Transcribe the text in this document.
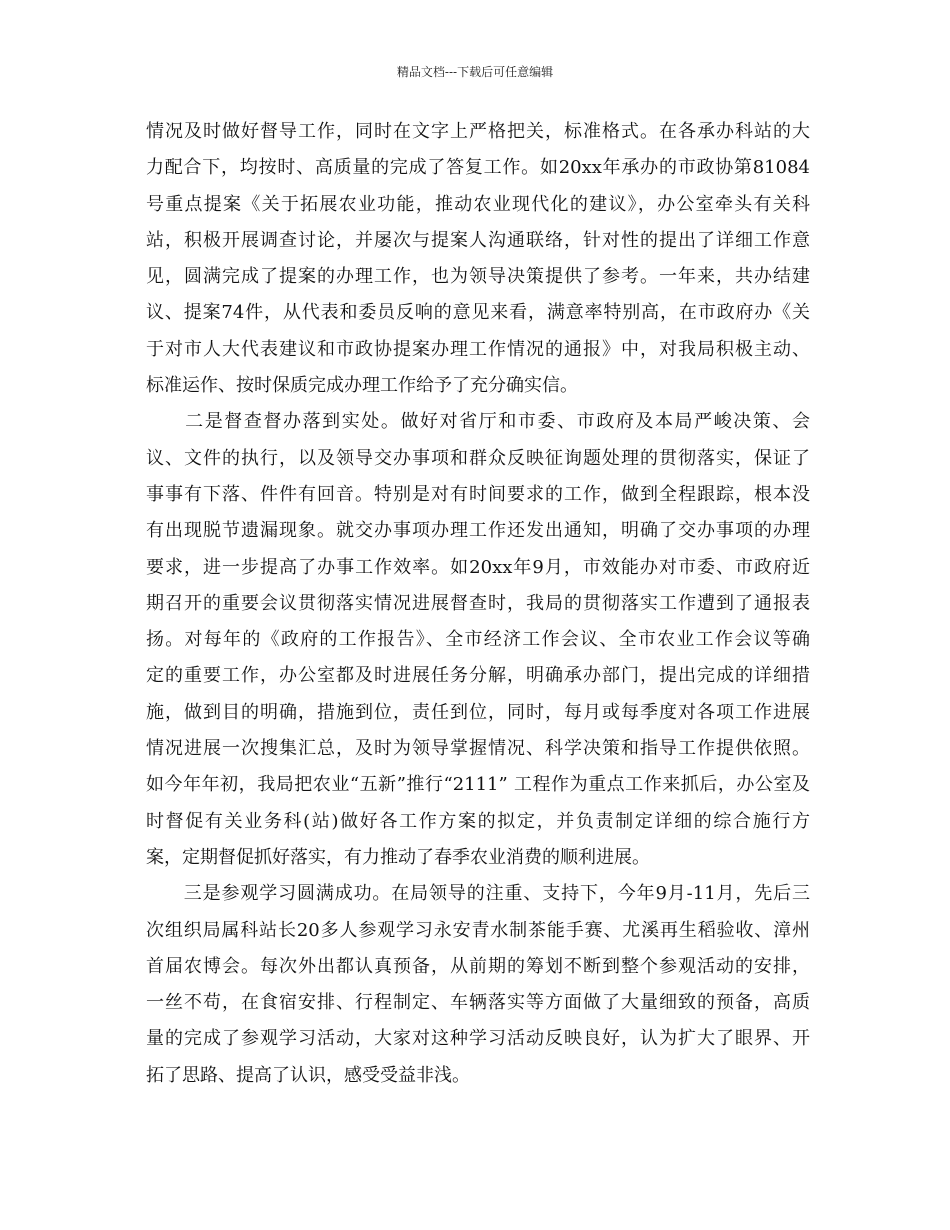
精品文档---下载后可任意编辑
情况及时做好督导工作，同时在文字上严格把关，标准格式。在各承办科站的大
力配合下，均按时、高质量的完成了答复工作。如20xx年承办的市政协第81084
号重点提案《关于拓展农业功能，推动农业现代化的建议》，办公室牵头有关科
站，积极开展调查讨论，并屡次与提案人沟通联络，针对性的提出了详细工作意
见，圆满完成了提案的办理工作，也为领导决策提供了参考。一年来，共办结建
议、提案74件，从代表和委员反响的意见来看，满意率特别高，在市政府办《关
于对市人大代表建议和市政协提案办理工作情况的通报》中，对我局积极主动、
标准运作、按时保质完成办理工作给予了充分确实信。
　　二是督查督办落到实处。做好对省厅和市委、市政府及本局严峻决策、会
议、文件的执行，以及领导交办事项和群众反映征询题处理的贯彻落实，保证了
事事有下落、件件有回音。特别是对有时间要求的工作，做到全程跟踪，根本没
有出现脱节遗漏现象。就交办事项办理工作还发出通知，明确了交办事项的办理
要求，进一步提高了办事工作效率。如20xx年9月，市效能办对市委、市政府近
期召开的重要会议贯彻落实情况进展督查时，我局的贯彻落实工作遭到了通报表
扬。对每年的《政府的工作报告》、全市经济工作会议、全市农业工作会议等确
定的重要工作，办公室都及时进展任务分解，明确承办部门，提出完成的详细措
施，做到目的明确，措施到位，责任到位，同时，每月或每季度对各项工作进展
情况进展一次搜集汇总，及时为领导掌握情况、科学决策和指导工作提供依照。
如今年年初，我局把农业“五新”推行“2111” 工程作为重点工作来抓后，办公室及
时督促有关业务科(站)做好各工作方案的拟定，并负责制定详细的综合施行方
案，定期督促抓好落实，有力推动了春季农业消费的顺利进展。
　　三是参观学习圆满成功。在局领导的注重、支持下，今年9月-11月，先后三
次组织局属科站长20多人参观学习永安青水制茶能手赛、尤溪再生稻验收、漳州
首届农博会。每次外出都认真预备，从前期的筹划不断到整个参观活动的安排，
一丝不苟，在食宿安排、行程制定、车辆落实等方面做了大量细致的预备，高质
量的完成了参观学习活动，大家对这种学习活动反映良好，认为扩大了眼界、开
拓了思路、提高了认识，感受受益非浅。
